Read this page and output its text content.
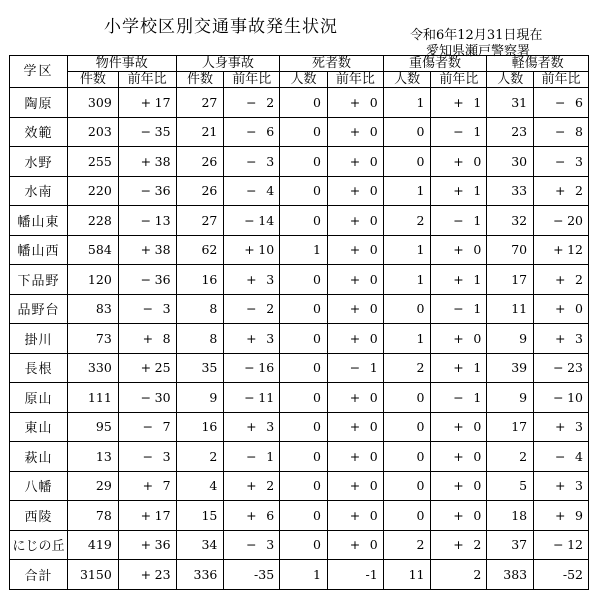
小学校区別交通事故発生状況	令和6年12月31日現在
愛知県瀬戸警察署
学区	物件事故		人身事故		死者数		重傷者数		軽傷者数	
	件数	前年比	件数	前年比	人数	前年比	人数	前年比	人数	前年比
陶原	309	+ 17	27	− 2	0	+ 0	1	+ 1	31	− 6
效範	203	− 35	21	− 6	0	+ 0	0	− 1	23	− 8
水野	255	+ 38	26	− 3	0	+ 0	0	+ 0	30	− 3
水南	220	− 36	26	− 4	0	+ 0	1	+ 1	33	+ 2
幡山東	228	− 13	27	− 14	0	+ 0	2	− 1	32	− 20
幡山西	584	+ 38	62	+ 10	1	+ 0	1	+ 0	70	+ 12
下品野	120	− 36	16	+ 3	0	+ 0	1	+ 1	17	+ 2
品野台	83	− 3	8	− 2	0	+ 0	0	− 1	11	+ 0
掛川	73	+ 8	8	+ 3	0	+ 0	1	+ 0	9	+ 3
長根	330	+ 25	35	− 16	0	− 1	2	+ 1	39	− 23
原山	111	− 30	9	− 11	0	+ 0	0	− 1	9	− 10
東山	95	− 7	16	+ 3	0	+ 0	0	+ 0	17	+ 3
萩山	13	− 3	2	− 1	0	+ 0	0	+ 0	2	− 4
八幡	29	+ 7	4	+ 2	0	+ 0	0	+ 0	5	+ 3
西陵	78	+ 17	15	+ 6	0	+ 0	0	+ 0	18	+ 9
にじの丘	419	+ 36	34	− 3	0	+ 0	2	+ 2	37	− 12
合計	3150	+ 23	336	-35	1	-1	11	2	383	-52
